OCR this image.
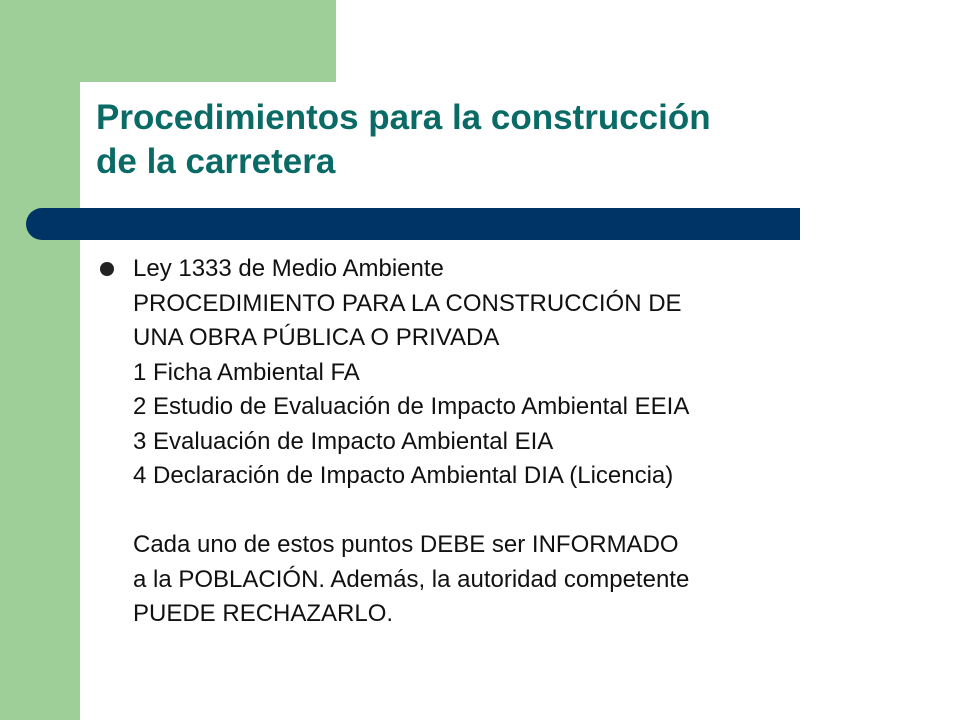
Procedimientos para la construcción
de la carretera
Ley 1333 de Medio Ambiente
PROCEDIMIENTO PARA LA CONSTRUCCIÓN DE
UNA OBRA PÚBLICA O PRIVADA
1 Ficha Ambiental FA
2 Estudio de Evaluación de Impacto Ambiental EEIA
3 Evaluación de Impacto Ambiental EIA
4 Declaración de Impacto Ambiental DIA (Licencia)
Cada uno de estos puntos DEBE ser INFORMADO
a la POBLACIÓN. Además, la autoridad competente
PUEDE RECHAZARLO.
